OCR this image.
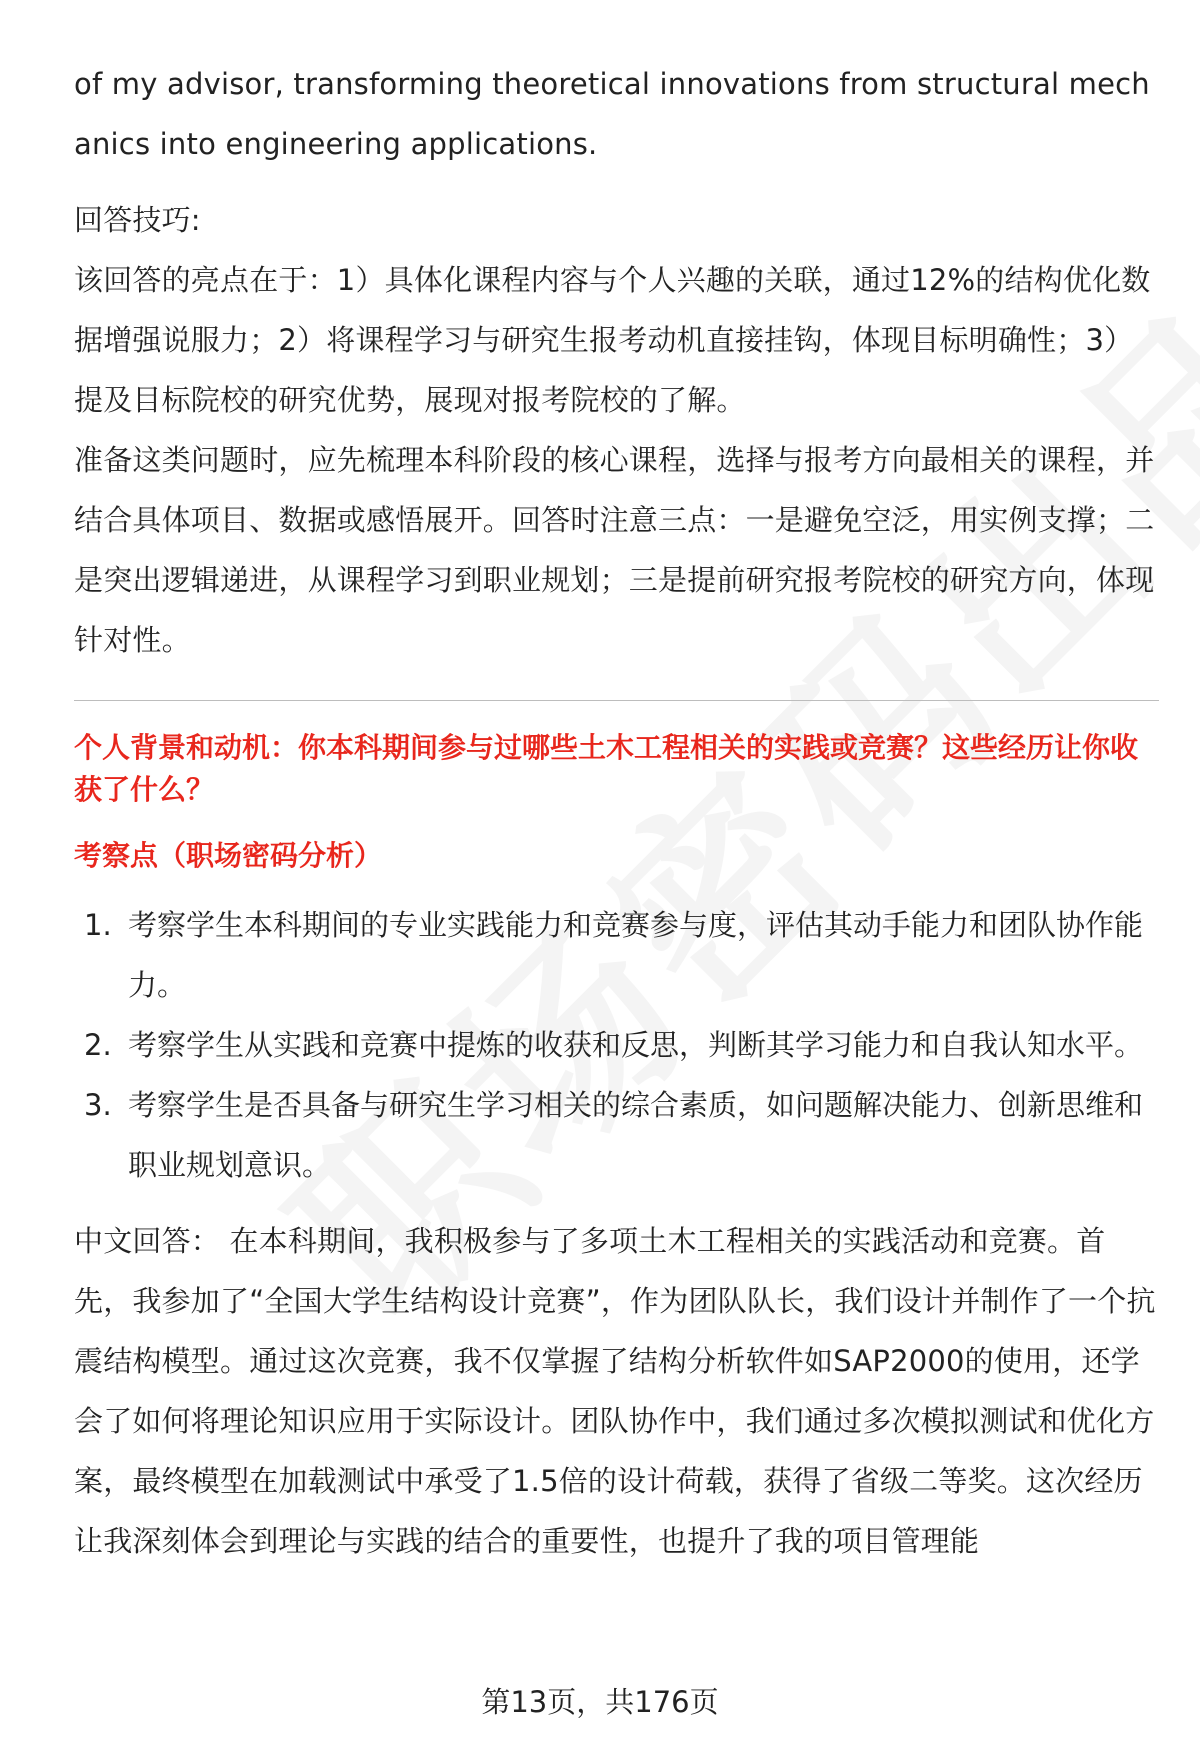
of my advisor, transforming theoretical innovations from structural mechanics into engineering applications.

回答技巧:

该回答的亮点在于：1）具体化课程内容与个人兴趣的关联，通过12%的结构优化数据增强说服力；2）将课程学习与研究生报考动机直接挂钩，体现目标明确性；3）提及目标院校的研究优势，展现对报考院校的了解。

准备这类问题时，应先梳理本科阶段的核心课程，选择与报考方向最相关的课程，并结合具体项目、数据或感悟展开。回答时注意三点：一是避免空泛，用实例支撑；二是突出逻辑递进，从课程学习到职业规划；三是提前研究报考院校的研究方向，体现针对性。

个人背景和动机：你本科期间参与过哪些土木工程相关的实践或竞赛？这些经历让你收获了什么？

考察点（职场密码分析）

1. 考察学生本科期间的专业实践能力和竞赛参与度，评估其动手能力和团队协作能力。
2. 考察学生从实践和竞赛中提炼的收获和反思，判断其学习能力和自我认知水平。
3. 考察学生是否具备与研究生学习相关的综合素质，如问题解决能力、创新思维和职业规划意识。

中文回答： 在本科期间，我积极参与了多项土木工程相关的实践活动和竞赛。首先，我参加了“全国大学生结构设计竞赛”，作为团队队长，我们设计并制作了一个抗震结构模型。通过这次竞赛，我不仅掌握了结构分析软件如SAP2000的使用，还学会了如何将理论知识应用于实际设计。团队协作中，我们通过多次模拟测试和优化方案，最终模型在加载测试中承受了1.5倍的设计荷载，获得了省级二等奖。这次经历让我深刻体会到理论与实践的结合的重要性，也提升了我的项目管理能

第13页，共176页
